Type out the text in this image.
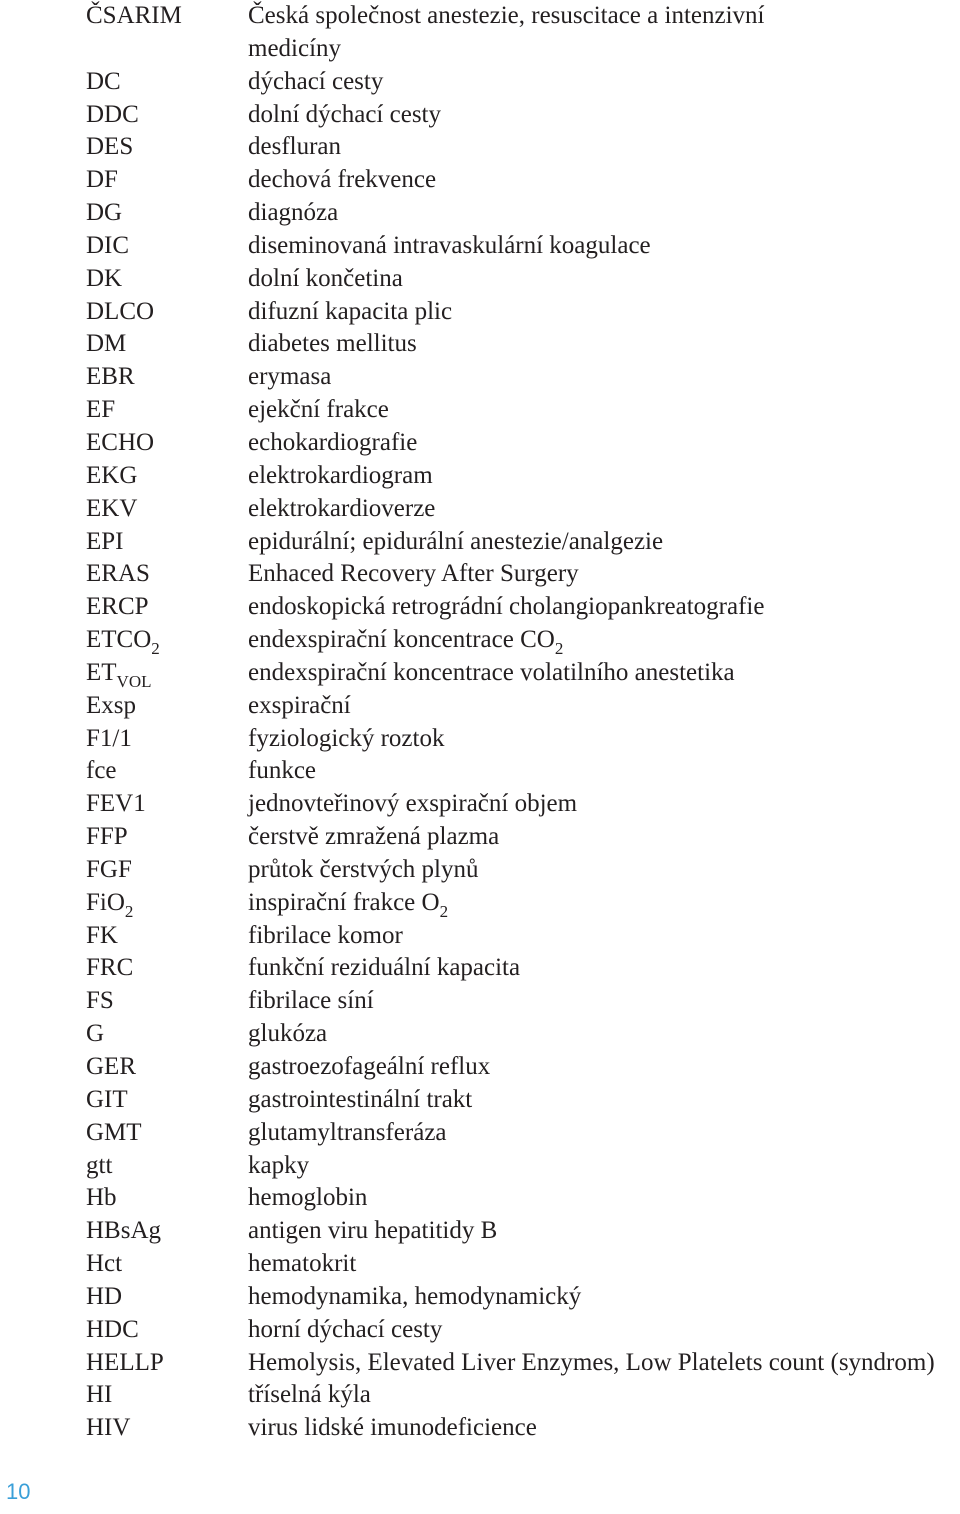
ČSARIM	Česká společnost anestezie, resuscitace a intenzivní
medicíny
DC	dýchací cesty
DDC	dolní dýchací cesty
DES	desfluran
DF	dechová frekvence
DG	diagnóza
DIC	diseminovaná intravaskulární koagulace
DK	dolní končetina
DLCO	difuzní kapacita plic
DM	diabetes mellitus
EBR	erymasa
EF	ejekční frakce
ECHO	echokardiografie
EKG	elektrokardiogram
EKV	elektrokardioverze
EPI	epidurální; epidurální anestezie/analgezie
ERAS	Enhaced Recovery After Surgery
ERCP	endoskopická retrográdní cholangiopankreatografie
$ETCO_2$	endexspirační koncentrace $CO_2$
$ET_{VOL}$	endexspirační koncentrace volatilního anestetika
Exsp	exspirační
F1/1	fyziologický roztok
fce	funkce
FEV1	jednovteřinový exspirační objem
FFP	čerstvě zmražená plazma
FGF	průtok čerstvých plynů
FiO$_2$	inspirační frakce $O_2$
FK	fibrilace komor
FRC	funkční reziduální kapacita
FS	fibrilace síní
G	glukóza
GER	gastroezofageální reflux
GIT	gastrointestinální trakt
GMT	glutamyltransferáza
gtt	kapky
Hb	hemoglobin
HBsAg	antigen viru hepatitidy B
Hct	hematokrit
HD	hemodynamika, hemodynamický
HDC	horní dýchací cesty
HELLP	Hemolysis, Elevated Liver Enzymes, Low Platelets count (syndrom)
HI	tříselná kýla
HIV	virus lidské imunodeficience
10
